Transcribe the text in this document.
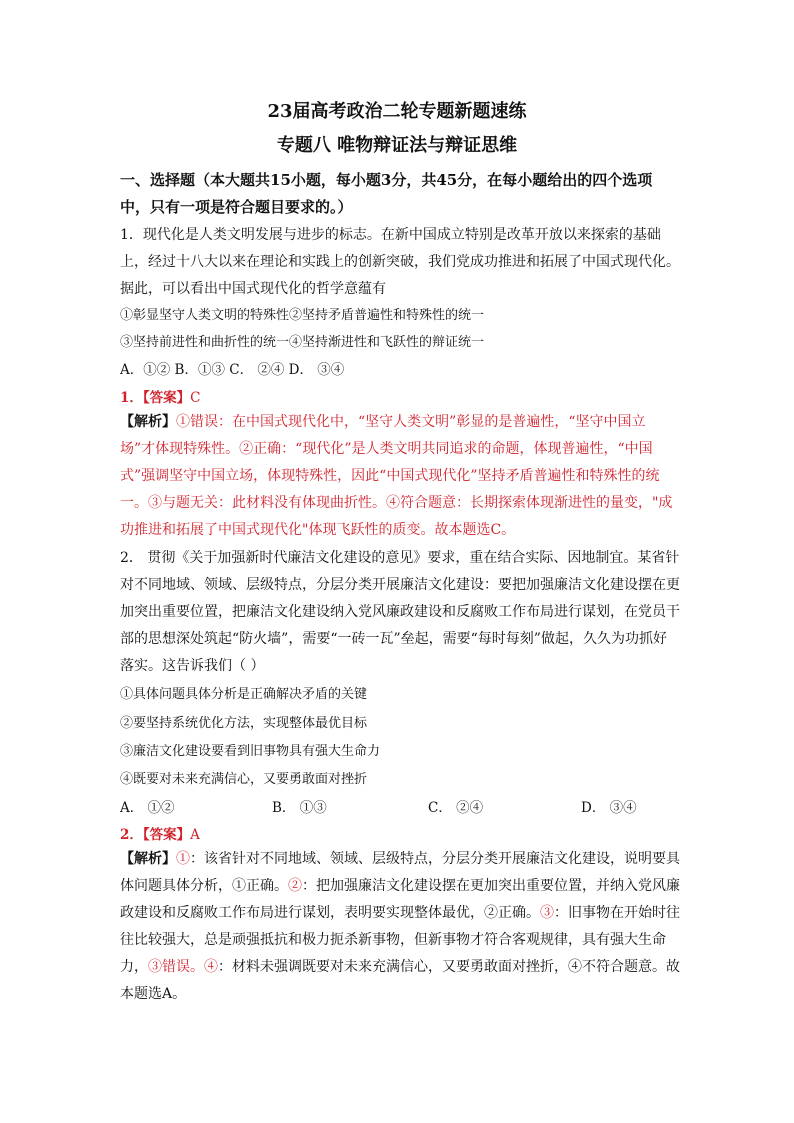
23届高考政治二轮专题新题速练
专题八 唯物辩证法与辩证思维
一、选择题（本大题共15小题，每小题3分，共45分，在每小题给出的四个选项中，只有一项是符合题目要求的。）
1．现代化是人类文明发展与进步的标志。在新中国成立特别是改革开放以来探索的基础上，经过十八大以来在理论和实践上的创新突破，我们党成功推进和拓展了中国式现代化。据此，可以看出中国式现代化的哲学意蕴有
①彰显坚守人类文明的特殊性②坚持矛盾普遍性和特殊性的统一
③坚持前进性和曲折性的统一④坚持渐进性和飞跃性的辩证统一
A．①② B．①③ C． ②④ D． ③④
1．【答案】C
【解析】①错误：在中国式现代化中，“坚守人类文明”彰显的是普遍性，“坚守中国立场”才体现特殊性。②正确：“现代化”是人类文明共同追求的命题，体现普遍性，“中国式”强调坚守中国立场，体现特殊性，因此“中国式现代化”坚持矛盾普遍性和特殊性的统一。③与题无关：此材料没有体现曲折性。④符合题意：长期探索体现渐进性的量变，"成功推进和拓展了中国式现代化"体现飞跃性的质变。故本题选C。
2． 贯彻《关于加强新时代廉洁文化建设的意见》要求，重在结合实际、因地制宜。某省针对不同地域、领域、层级特点，分层分类开展廉洁文化建设：要把加强廉洁文化建设摆在更加突出重要位置，把廉洁文化建设纳入党风廉政建设和反腐败工作布局进行谋划，在党员干部的思想深处筑起“防火墙”，需要“一砖一瓦”垒起，需要“每时每刻”做起，久久为功抓好落实。这告诉我们（ ）
①具体问题具体分析是正确解决矛盾的关键
②要坚持系统优化方法，实现整体最优目标
③廉洁文化建设要看到旧事物具有强大生命力
④既要对未来充满信心，又要勇敢面对挫折
A． ①②	B． ①③	C． ②④	D． ③④
2．【答案】A
【解析】①：该省针对不同地域、领域、层级特点，分层分类开展廉洁文化建设，说明要具体问题具体分析，①正确。②：把加强廉洁文化建设摆在更加突出重要位置，并纳入党风廉政建设和反腐败工作布局进行谋划，表明要实现整体最优，②正确。③：旧事物在开始时往往比较强大，总是顽强抵抗和极力扼杀新事物，但新事物才符合客观规律，具有强大生命力，③错误。④：材料未强调既要对未来充满信心，又要勇敢面对挫折，④不符合题意。故本题选A。
